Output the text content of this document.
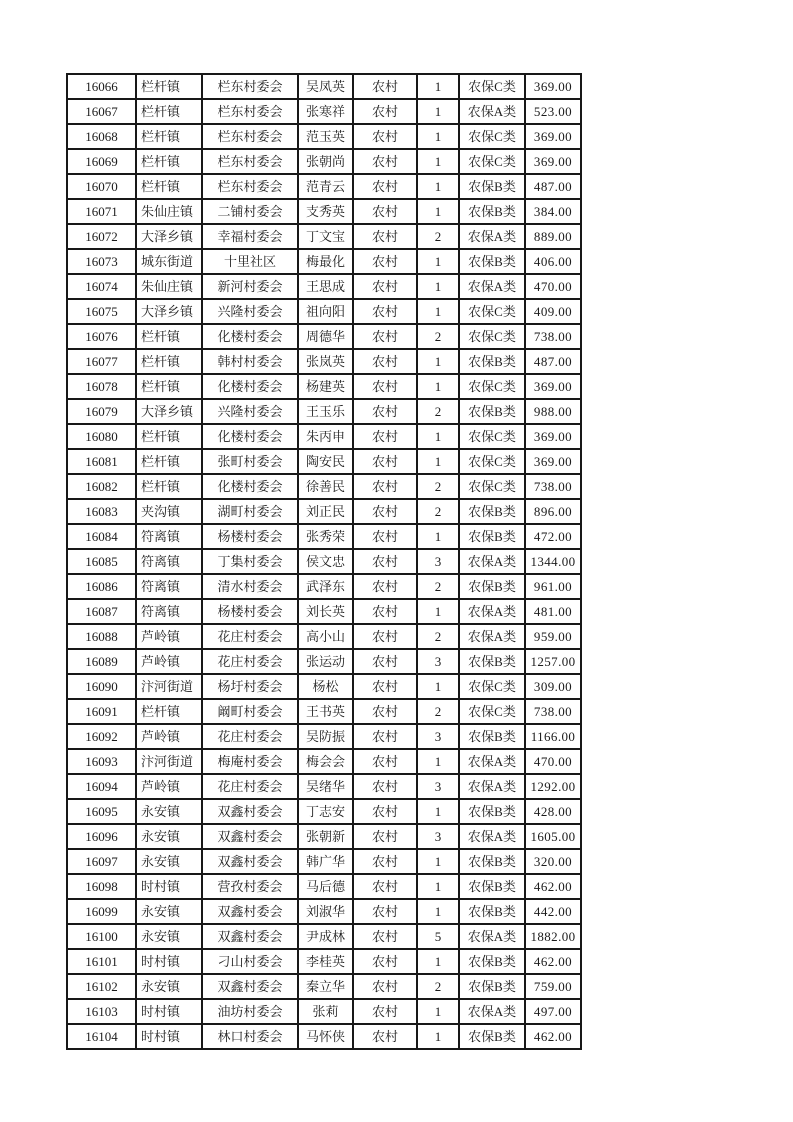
16066	栏杆镇	栏东村委会	吴凤英	农村	1	农保C类	369.00
16067	栏杆镇	栏东村委会	张寒祥	农村	1	农保A类	523.00
16068	栏杆镇	栏东村委会	范玉英	农村	1	农保C类	369.00
16069	栏杆镇	栏东村委会	张朝尚	农村	1	农保C类	369.00
16070	栏杆镇	栏东村委会	范青云	农村	1	农保B类	487.00
16071	朱仙庄镇	二铺村委会	支秀英	农村	1	农保B类	384.00
16072	大泽乡镇	幸福村委会	丁文宝	农村	2	农保A类	889.00
16073	城东街道	十里社区	梅最化	农村	1	农保B类	406.00
16074	朱仙庄镇	新河村委会	王思成	农村	1	农保A类	470.00
16075	大泽乡镇	兴隆村委会	祖向阳	农村	1	农保C类	409.00
16076	栏杆镇	化楼村委会	周德华	农村	2	农保C类	738.00
16077	栏杆镇	韩村村委会	张岚英	农村	1	农保B类	487.00
16078	栏杆镇	化楼村委会	杨建英	农村	1	农保C类	369.00
16079	大泽乡镇	兴隆村委会	王玉乐	农村	2	农保B类	988.00
16080	栏杆镇	化楼村委会	朱丙申	农村	1	农保C类	369.00
16081	栏杆镇	张町村委会	陶安民	农村	1	农保C类	369.00
16082	栏杆镇	化楼村委会	徐善民	农村	2	农保C类	738.00
16083	夹沟镇	湖町村委会	刘正民	农村	2	农保B类	896.00
16084	符离镇	杨楼村委会	张秀荣	农村	1	农保B类	472.00
16085	符离镇	丁集村委会	侯文忠	农村	3	农保A类	1344.00
16086	符离镇	清水村委会	武泽东	农村	2	农保B类	961.00
16087	符离镇	杨楼村委会	刘长英	农村	1	农保A类	481.00
16088	芦岭镇	花庄村委会	高小山	农村	2	农保A类	959.00
16089	芦岭镇	花庄村委会	张运动	农村	3	农保B类	1257.00
16090	汴河街道	杨圩村委会	杨松	农村	1	农保C类	309.00
16091	栏杆镇	阚町村委会	王书英	农村	2	农保C类	738.00
16092	芦岭镇	花庄村委会	吴防振	农村	3	农保B类	1166.00
16093	汴河街道	梅庵村委会	梅会会	农村	1	农保A类	470.00
16094	芦岭镇	花庄村委会	吴绪华	农村	3	农保A类	1292.00
16095	永安镇	双鑫村委会	丁志安	农村	1	农保B类	428.00
16096	永安镇	双鑫村委会	张朝新	农村	3	农保A类	1605.00
16097	永安镇	双鑫村委会	韩广华	农村	1	农保B类	320.00
16098	时村镇	营孜村委会	马后德	农村	1	农保B类	462.00
16099	永安镇	双鑫村委会	刘淑华	农村	1	农保B类	442.00
16100	永安镇	双鑫村委会	尹成林	农村	5	农保A类	1882.00
16101	时村镇	刁山村委会	李桂英	农村	1	农保B类	462.00
16102	永安镇	双鑫村委会	秦立华	农村	2	农保B类	759.00
16103	时村镇	油坊村委会	张莉	农村	1	农保A类	497.00
16104	时村镇	林口村委会	马怀侠	农村	1	农保B类	462.00
